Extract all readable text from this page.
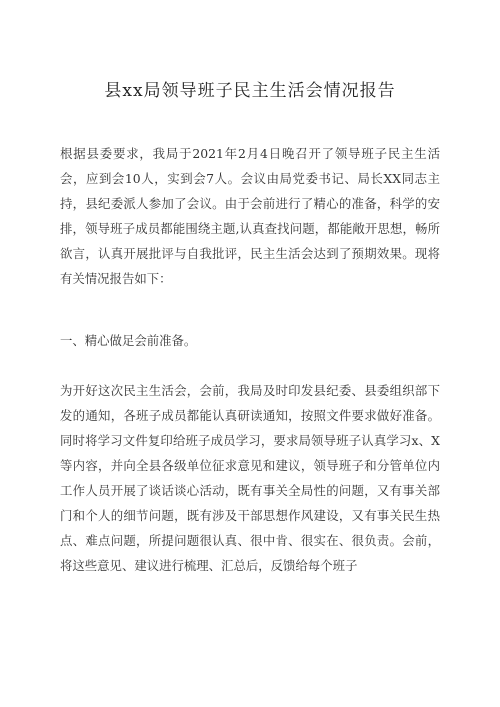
县xx局领导班子民主生活会情况报告

根据县委要求，我局于2021年2月4日晚召开了领导班子民主生活会，应到会10人，实到会7人。会议由局党委书记、局长XX同志主持，县纪委派人参加了会议。由于会前进行了精心的准备，科学的安排，领导班子成员都能围绕主题,认真查找问题，都能敞开思想，畅所欲言，认真开展批评与自我批评，民主生活会达到了预期效果。现将有关情况报告如下：

一、精心做足会前准备。

为开好这次民主生活会，会前，我局及时印发县纪委、县委组织部下发的通知，各班子成员都能认真研读通知，按照文件要求做好准备。同时将学习文件复印给班子成员学习，要求局领导班子认真学习x、X等内容，并向全县各级单位征求意见和建议，领导班子和分管单位内工作人员开展了谈话谈心活动，既有事关全局性的问题，又有事关部门和个人的细节问题，既有涉及干部思想作风建设，又有事关民生热点、难点问题，所提问题很认真、很中肯、很实在、很负责。会前，将这些意见、建议进行梳理、汇总后，反馈给每个班子
